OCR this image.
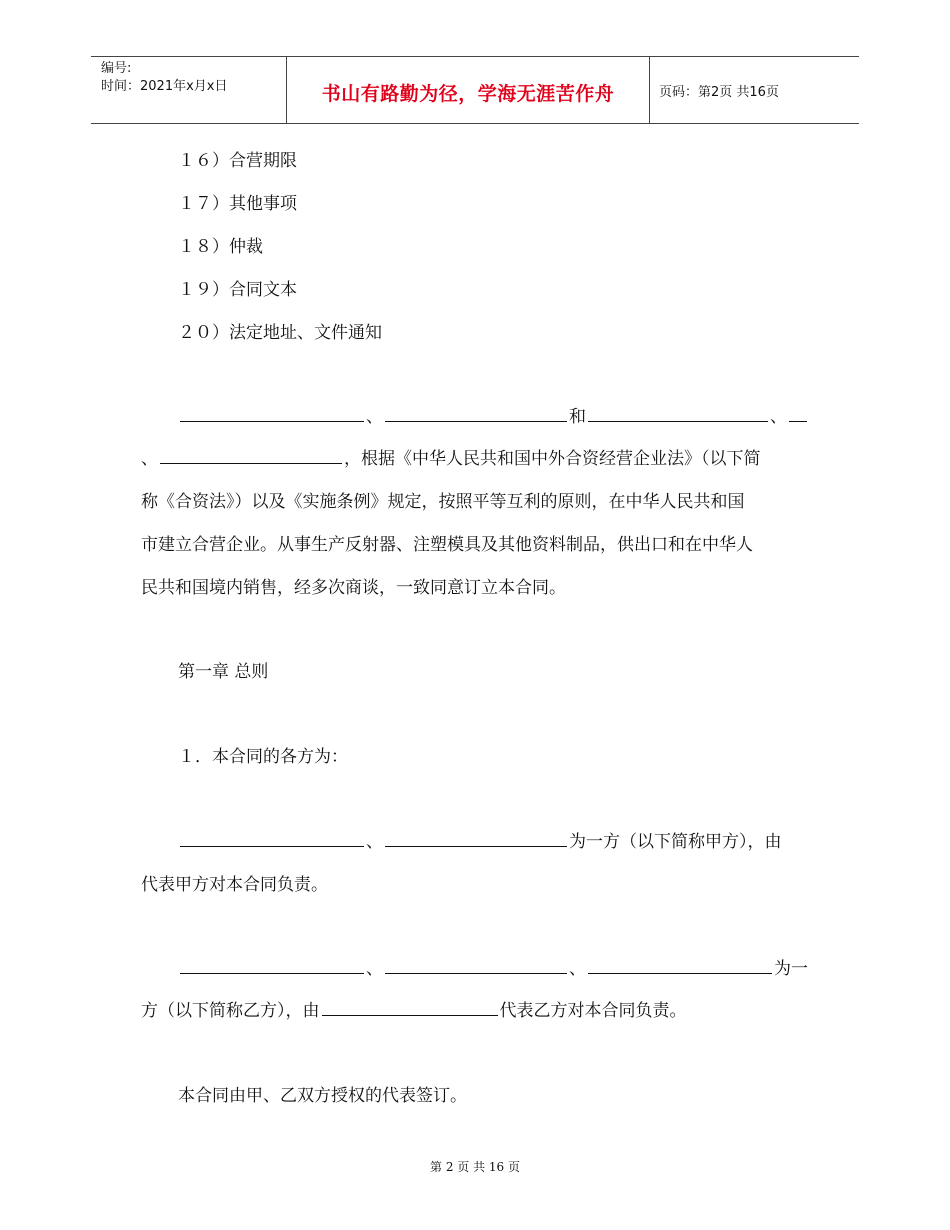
编号:
时间：2021年x月x日	书山有路勤为径，学海无涯苦作舟	页码：第2页 共16页
１６）合营期限
１７）其他事项
１８）仲裁
１９）合同文本
２０）法定地址、文件通知
、	和	、
、	，根据《中华人民共和国中外合资经营企业法》（以下简
称《合资法》）以及《实施条例》规定，按照平等互利的原则，在中华人民共和国
市建立合营企业。从事生产反射器、注塑模具及其他资料制品，供出口和在中华人
民共和国境内销售，经多次商谈，一致同意订立本合同。
第一章 总则
１．本合同的各方为：
、	为一方（以下简称甲方），由
代表甲方对本合同负责。
、	、	为一
方（以下简称乙方），由	代表乙方对本合同负责。
本合同由甲、乙双方授权的代表签订。
第 2 页 共 16 页
